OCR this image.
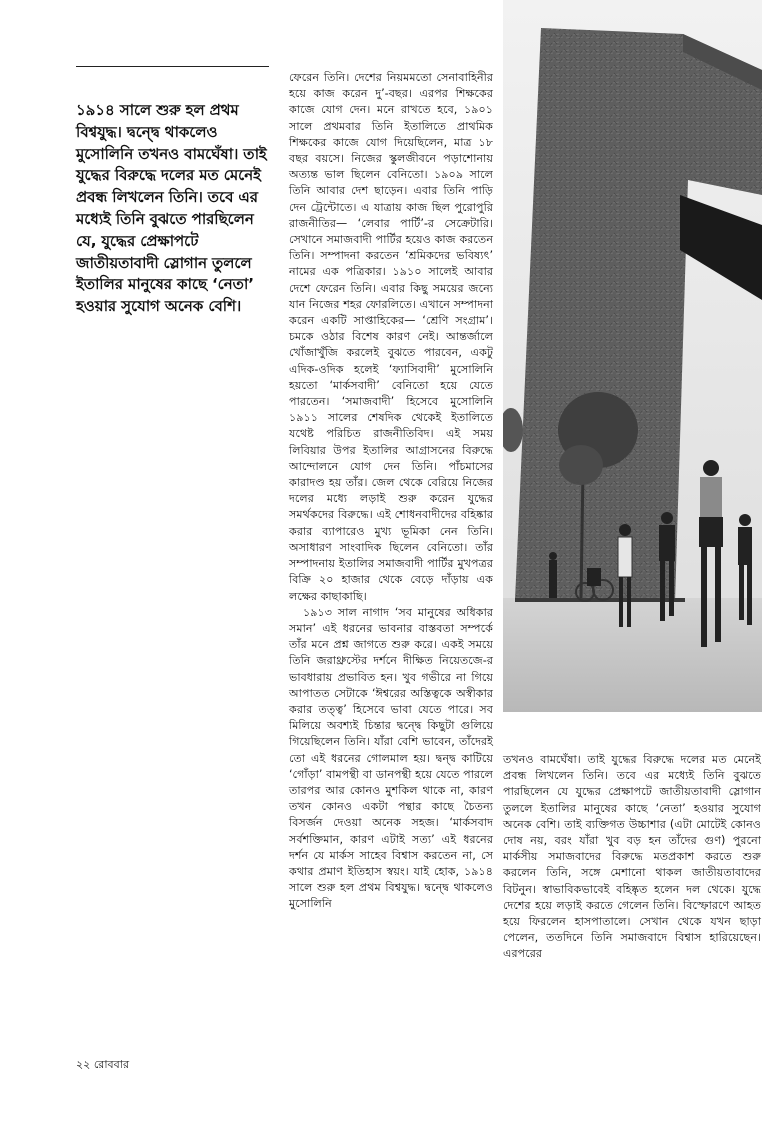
১৯১৪ সালে শুরু হল প্রথম বিশ্বযুদ্ধ। দ্বন্দ্বে থাকলেও মুসোলিনি তখনও বামঘেঁষা। তাই যুদ্ধের বিরুদ্ধে দলের মত মেনেই প্রবন্ধ লিখলেন তিনি। তবে এর মধ্যেই তিনি বুঝতে পারছিলেন যে, যুদ্ধের প্রেক্ষাপটে জাতীয়তাবাদী স্লোগান তুললে ইতালির মানুষের কাছে ‘নেতা’ হওয়ার সুযোগ অনেক বেশি।

ফেরেন তিনি। দেশের নিয়মমতো সেনাবাহিনীর হয়ে কাজ করেন দু’-বছর। এরপর শিক্ষকের কাজে যোগ দেন। মনে রাখতে হবে, ১৯০১ সালে প্রথমবার তিনি ইতালিতে প্রাথমিক শিক্ষকের কাজে যোগ দিয়েছিলেন, মাত্র ১৮ বছর বয়সে। নিজের স্কুলজীবনে পড়াশোনায় অত্যন্ত ভাল ছিলেন বেনিতো। ১৯০৯ সালে তিনি আবার দেশ ছাড়েন। এবার তিনি পাড়ি দেন ট্রেন্টোতে। এ যাত্রায় কাজ ছিল পুরোপুরি রাজনীতির— ‘লেবার পার্টি’-র সেক্রেটারি। সেখানে সমাজবাদী পার্টির হয়েও কাজ করতেন তিনি। সম্পাদনা করতেন ‘শ্রমিকদের ভবিষ্যৎ’ নামের এক পত্রিকার। ১৯১০ সালেই আবার দেশে ফেরেন তিনি। এবার কিছু সময়ের জন্যে যান নিজের শহর ফোরলিতে। এখানে সম্পাদনা করেন একটি সাপ্তাহিকের— ‘শ্রেণি সংগ্রাম’। চমকে ওঠার বিশেষ কারণ নেই। আন্তর্জালে খোঁজাখুঁজি করলেই বুঝতে পারবেন, একটু এদিক-ওদিক হলেই ‘ফ্যাসিবাদী’ মুসোলিনি হয়তো ‘মার্কসবাদী’ বেনিতো হয়ে যেতে পারতেন। ‘সমাজবাদী’ হিসেবে মুসোলিনি ১৯১১ সালের শেষদিক থেকেই ইতালিতে যথেষ্ট পরিচিত রাজনীতিবিদ। এই সময় লিবিয়ার উপর ইতালির আগ্রাসনের বিরুদ্ধে আন্দোলনে যোগ দেন তিনি। পাঁচমাসের কারাদণ্ড হয় তাঁর। জেল থেকে বেরিয়ে নিজের দলের মধ্যে লড়াই শুরু করেন যুদ্ধের সমর্থকদের বিরুদ্ধে। এই শোধনবাদীদের বহিষ্কার করার ব্যাপারেও মুখ্য ভূমিকা নেন তিনি। অসাধারণ সাংবাদিক ছিলেন বেনিতো। তাঁর সম্পাদনায় ইতালির সমাজবাদী পার্টির মুখপত্রর বিক্রি ২০ হাজার থেকে বেড়ে দাঁড়ায় এক লক্ষের কাছাকাছি।

১৯১৩ সাল নাগাদ ‘সব মানুষের অধিকার সমান’ এই ধরনের ভাবনার বাস্তবতা সম্পর্কে তাঁর মনে প্রশ্ন জাগতে শুরু করে। একই সময়ে তিনি জরাথ্রুস্টের দর্শনে দীক্ষিত নিয়েতজে-র ভাবধারায় প্রভাবিত হন। খুব গভীরে না গিয়ে আপাতত সেটাকে ‘ঈশ্বরের অস্তিত্বকে অস্বীকার করার তত্ত্ব’ হিসেবে ভাবা যেতে পারে। সব মিলিয়ে অবশ্যই চিন্তার দ্বন্দ্বে কিছুটা গুলিয়ে গিয়েছিলেন তিনি। যাঁরা বেশি ভাবেন, তাঁদেরই তো এই ধরনের গোলমাল হয়। দ্বন্দ্ব কাটিয়ে ‘গোঁড়া’ বামপন্থী বা ডানপন্থী হয়ে যেতে পারলে তারপর আর কোনও মুশকিল থাকে না, কারণ তখন কোনও একটা পন্থার কাছে চৈতন্য বিসর্জন দেওয়া অনেক সহজ। ‘মার্কসবাদ সর্বশক্তিমান, কারণ এটাই সত্য’ এই ধরনের দর্শন যে মার্কস সাহেব বিশ্বাস করতেন না, সে কথার প্রমাণ ইতিহাস স্বয়ং। যাই হোক, ১৯১৪ সালে শুরু হল প্রথম বিশ্বযুদ্ধ। দ্বন্দ্বে থাকলেও মুসোলিনি

তখনও বামঘেঁষা। তাই যুদ্ধের বিরুদ্ধে দলের মত মেনেই প্রবন্ধ লিখলেন তিনি। তবে এর মধ্যেই তিনি বুঝতে পারছিলেন যে যুদ্ধের প্রেক্ষাপটে জাতীয়তাবাদী স্লোগান তুললে ইতালির মানুষের কাছে ‘নেতা’ হওয়ার সুযোগ অনেক বেশি। তাই ব্যক্তিগত উচ্চাশার (এটা মোটেই কোনও দোষ নয়, বরং যাঁরা খুব বড় হন তাঁদের গুণ) পুরনো মার্কসীয় সমাজবাদের বিরুদ্ধে মতপ্রকাশ করতে শুরু করলেন তিনি, সঙ্গে মেশানো থাকল জাতীয়তাবাদের বিটনুন। স্বাভাবিকভাবেই বহিষ্কৃত হলেন দল থেকে। যুদ্ধে দেশের হয়ে লড়াই করতে গেলেন তিনি। বিস্ফোরণে আহত হয়ে ফিরলেন হাসপাতালে। সেখান থেকে যখন ছাড়া পেলেন, ততদিনে তিনি সমাজবাদে বিশ্বাস হারিয়েছেন। এরপরের
২২ রোববার
